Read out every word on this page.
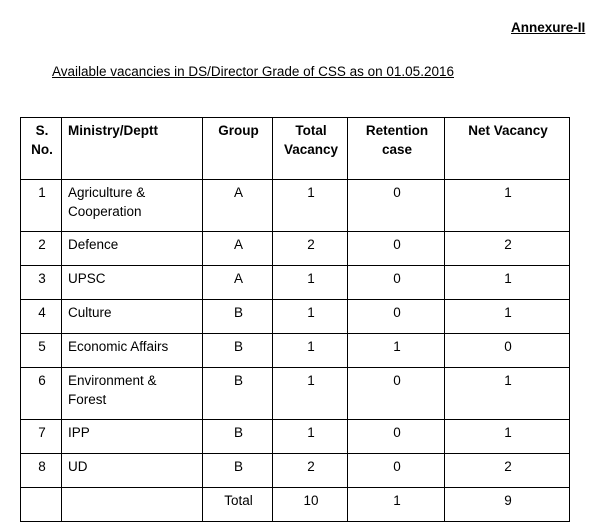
Annexure-II
Available vacancies in DS/Director Grade of CSS as on 01.05.2016
S. No.	Ministry/Deptt	Group	Total Vacancy	Retention case	Net Vacancy
1	Agriculture & Cooperation	A	1	0	1
2	Defence	A	2	0	2
3	UPSC	A	1	0	1
4	Culture	B	1	0	1
5	Economic Affairs	B	1	1	0
6	Environment & Forest	B	1	0	1
7	IPP	B	1	0	1
8	UD	B	2	0	2
		Total	10	1	9
